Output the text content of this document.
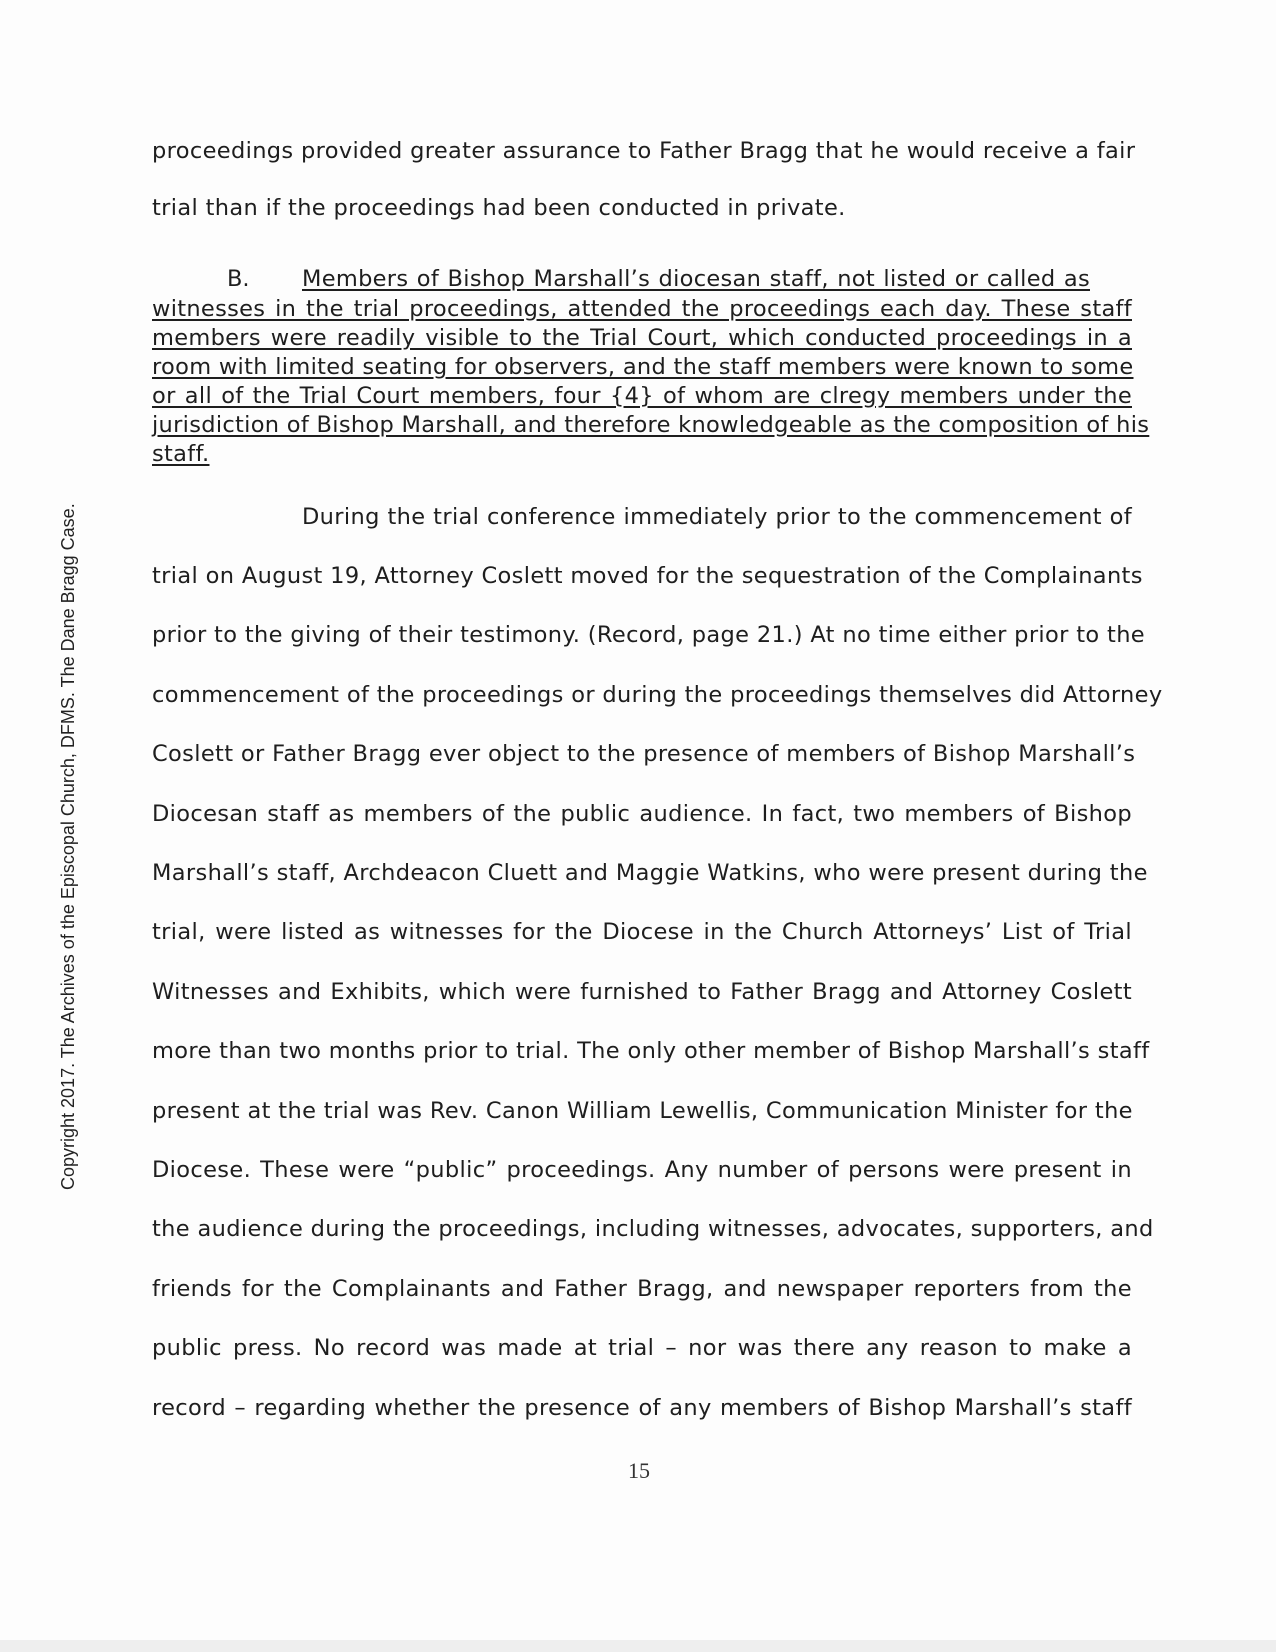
Copyright 2017. The Archives of the Episcopal Church, DFMS. The Dane Bragg Case.
proceedings provided greater assurance to Father Bragg that he would receive a fair
trial than if the proceedings had been conducted in private.
B. Members of Bishop Marshall’s diocesan staff, not listed or called as
witnesses in the trial proceedings, attended the proceedings each day. These staff
members were readily visible to the Trial Court, which conducted proceedings in a
room with limited seating for observers, and the staff members were known to some
or all of the Trial Court members, four {4} of whom are clregy members under the
jurisdiction of Bishop Marshall, and therefore knowledgeable as the composition of his
staff.
During the trial conference immediately prior to the commencement of
trial on August 19, Attorney Coslett moved for the sequestration of the Complainants
prior to the giving of their testimony. (Record, page 21.) At no time either prior to the
commencement of the proceedings or during the proceedings themselves did Attorney
Coslett or Father Bragg ever object to the presence of members of Bishop Marshall’s
Diocesan staff as members of the public audience. In fact, two members of Bishop
Marshall’s staff, Archdeacon Cluett and Maggie Watkins, who were present during the
trial, were listed as witnesses for the Diocese in the Church Attorneys’ List of Trial
Witnesses and Exhibits, which were furnished to Father Bragg and Attorney Coslett
more than two months prior to trial. The only other member of Bishop Marshall’s staff
present at the trial was Rev. Canon William Lewellis, Communication Minister for the
Diocese. These were “public” proceedings. Any number of persons were present in
the audience during the proceedings, including witnesses, advocates, supporters, and
friends for the Complainants and Father Bragg, and newspaper reporters from the
public press. No record was made at trial – nor was there any reason to make a
record – regarding whether the presence of any members of Bishop Marshall’s staff
15
